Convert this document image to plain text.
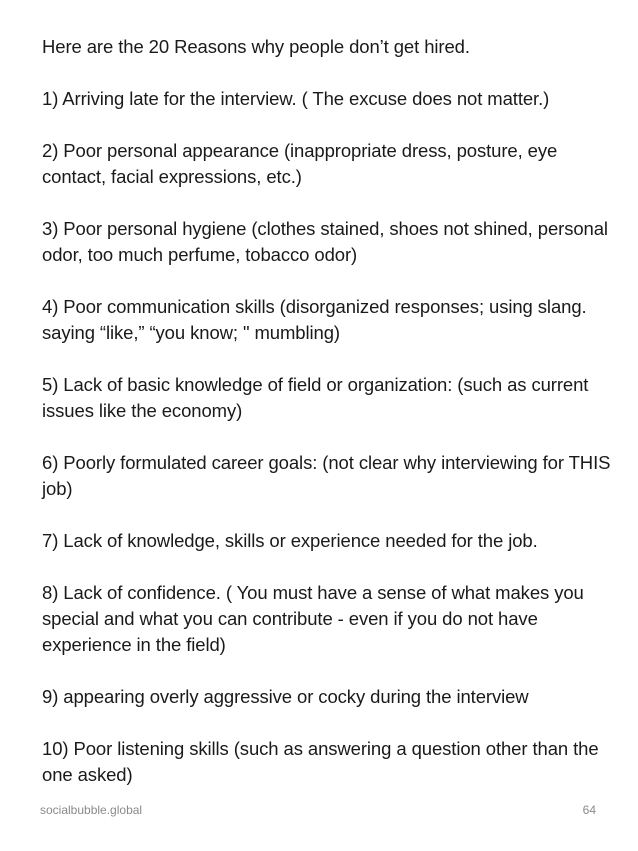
Here are the 20 Reasons why people don’t get hired.

1) Arriving late for the interview. ( The excuse does not matter.)

2) Poor personal appearance (inappropriate dress, posture, eye contact, facial expressions, etc.)

3) Poor personal hygiene (clothes stained, shoes not shined, personal odor, too much perfume, tobacco odor)

4) Poor communication skills (disorganized responses; using slang. saying “like,” “you know; " mumbling)

5) Lack of basic knowledge of field or organization: (such as current issues like the economy)

6) Poorly formulated career goals: (not clear why interviewing for THIS job)

7) Lack of knowledge, skills or experience needed for the job.

8) Lack of confidence. ( You must have a sense of what makes you special and what you can contribute - even if you do not have experience in the field)

9) appearing overly aggressive or cocky during the interview

10) Poor listening skills (such as answering a question other than the one asked)

socialbubble.global	64
